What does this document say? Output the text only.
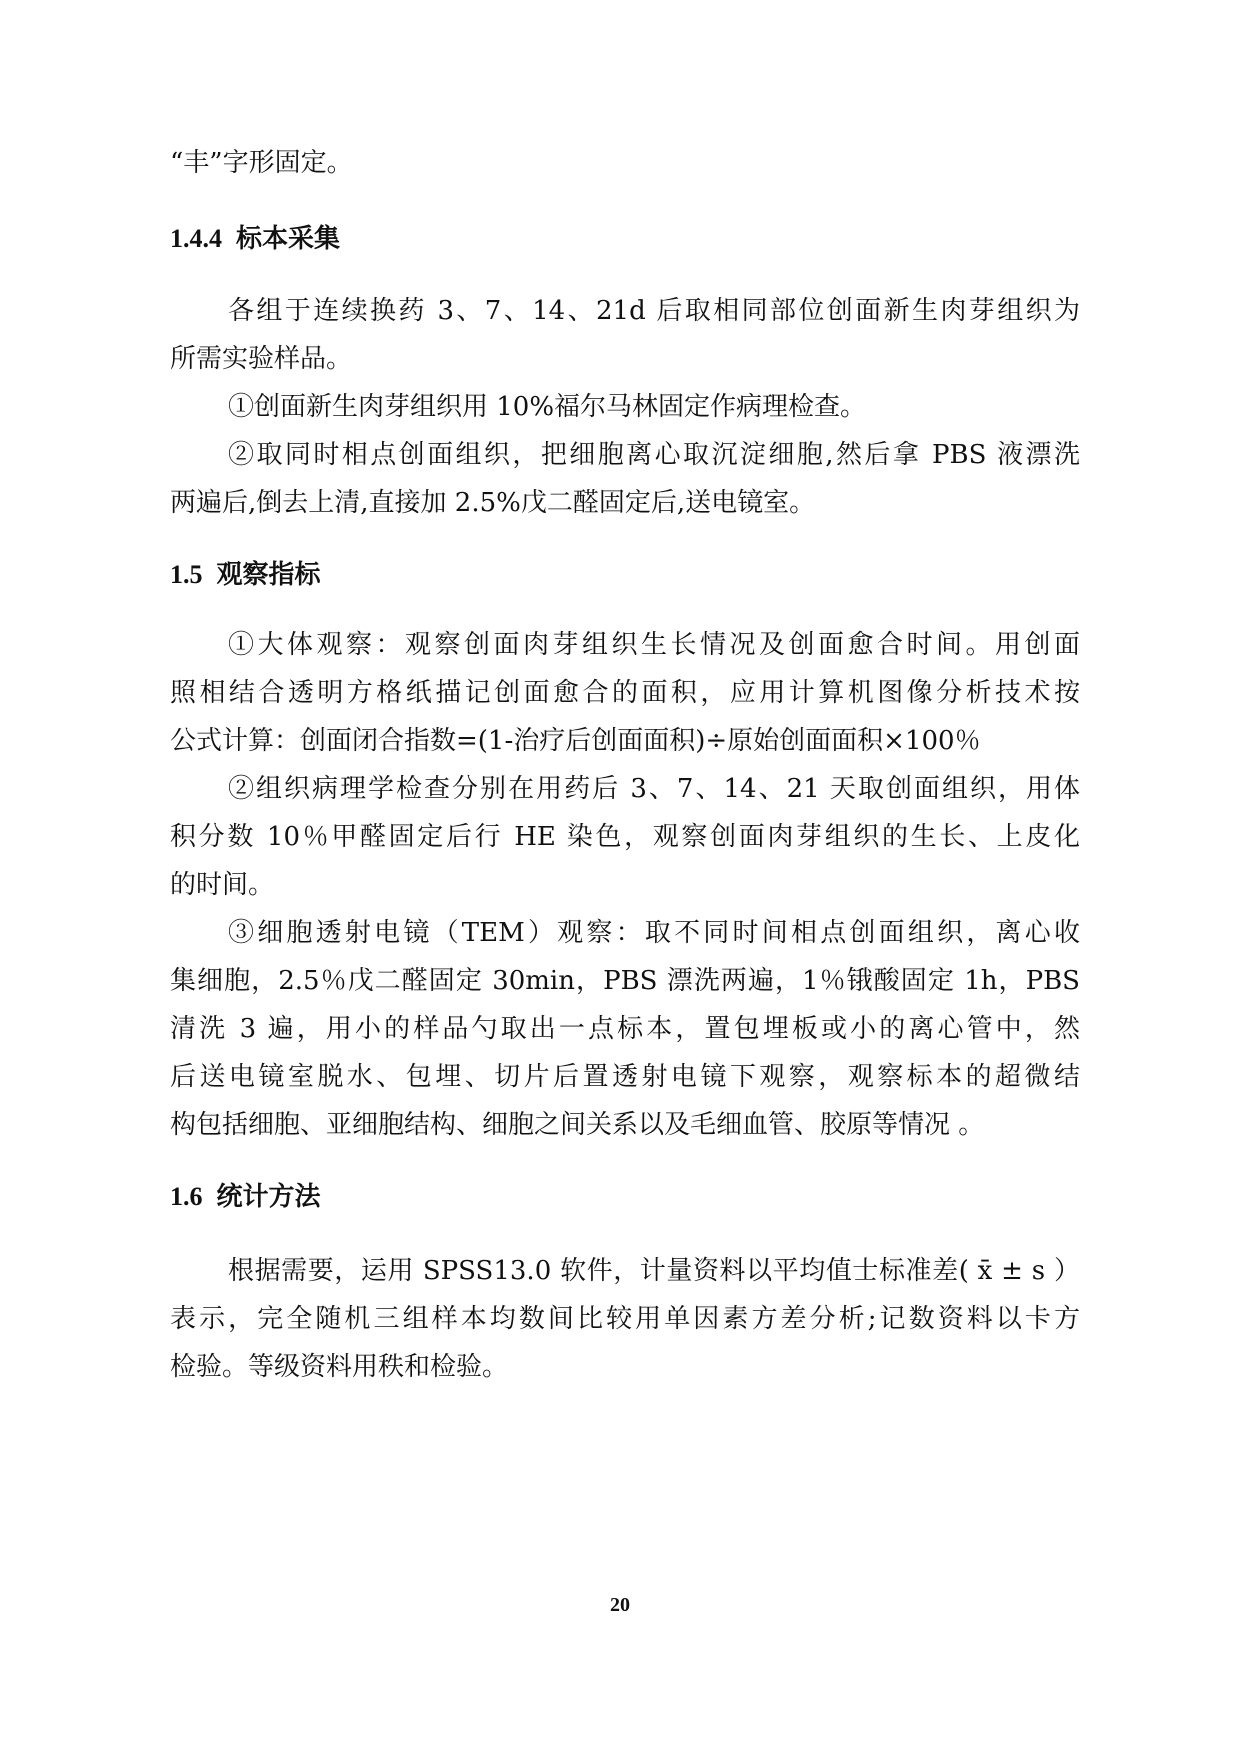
“丰”字形固定。
1.4.4 标本采集
各组于连续换药 3、7、14、21d 后取相同部位创面新生肉芽组织为
所需实验样品。
①创面新生肉芽组织用 10%福尔马林固定作病理检查。
②取同时相点创面组织，把细胞离心取沉淀细胞,然后拿 PBS 液漂洗
两遍后,倒去上清,直接加 2.5%戊二醛固定后,送电镜室。
1.5 观察指标
①大体观察：观察创面肉芽组织生长情况及创面愈合时间。用创面
照相结合透明方格纸描记创面愈合的面积，应用计算机图像分析技术按
公式计算：创面闭合指数=(1-治疗后创面面积)÷原始创面面积×100％
②组织病理学检查分别在用药后 3、7、14、21 天取创面组织，用体
积分数 10％甲醛固定后行 HE 染色，观察创面肉芽组织的生长、上皮化
的时间。
③细胞透射电镜（TEM）观察：取不同时间相点创面组织，离心收
集细胞，2.5％戊二醛固定 30min，PBS 漂洗两遍，1％锇酸固定 1h，PBS
清洗 3 遍，用小的样品勺取出一点标本，置包埋板或小的离心管中，然
后送电镜室脱水、包埋、切片后置透射电镜下观察，观察标本的超微结
构包括细胞、亚细胞结构、细胞之间关系以及毛细血管、胶原等情况 。
1.6 统计方法
根据需要，运用 SPSS13.0 软件，计量资料以平均值士标准差( x̄ ± s ）
表示，完全随机三组样本均数间比较用单因素方差分析;记数资料以卡方
检验。等级资料用秩和检验。
20
